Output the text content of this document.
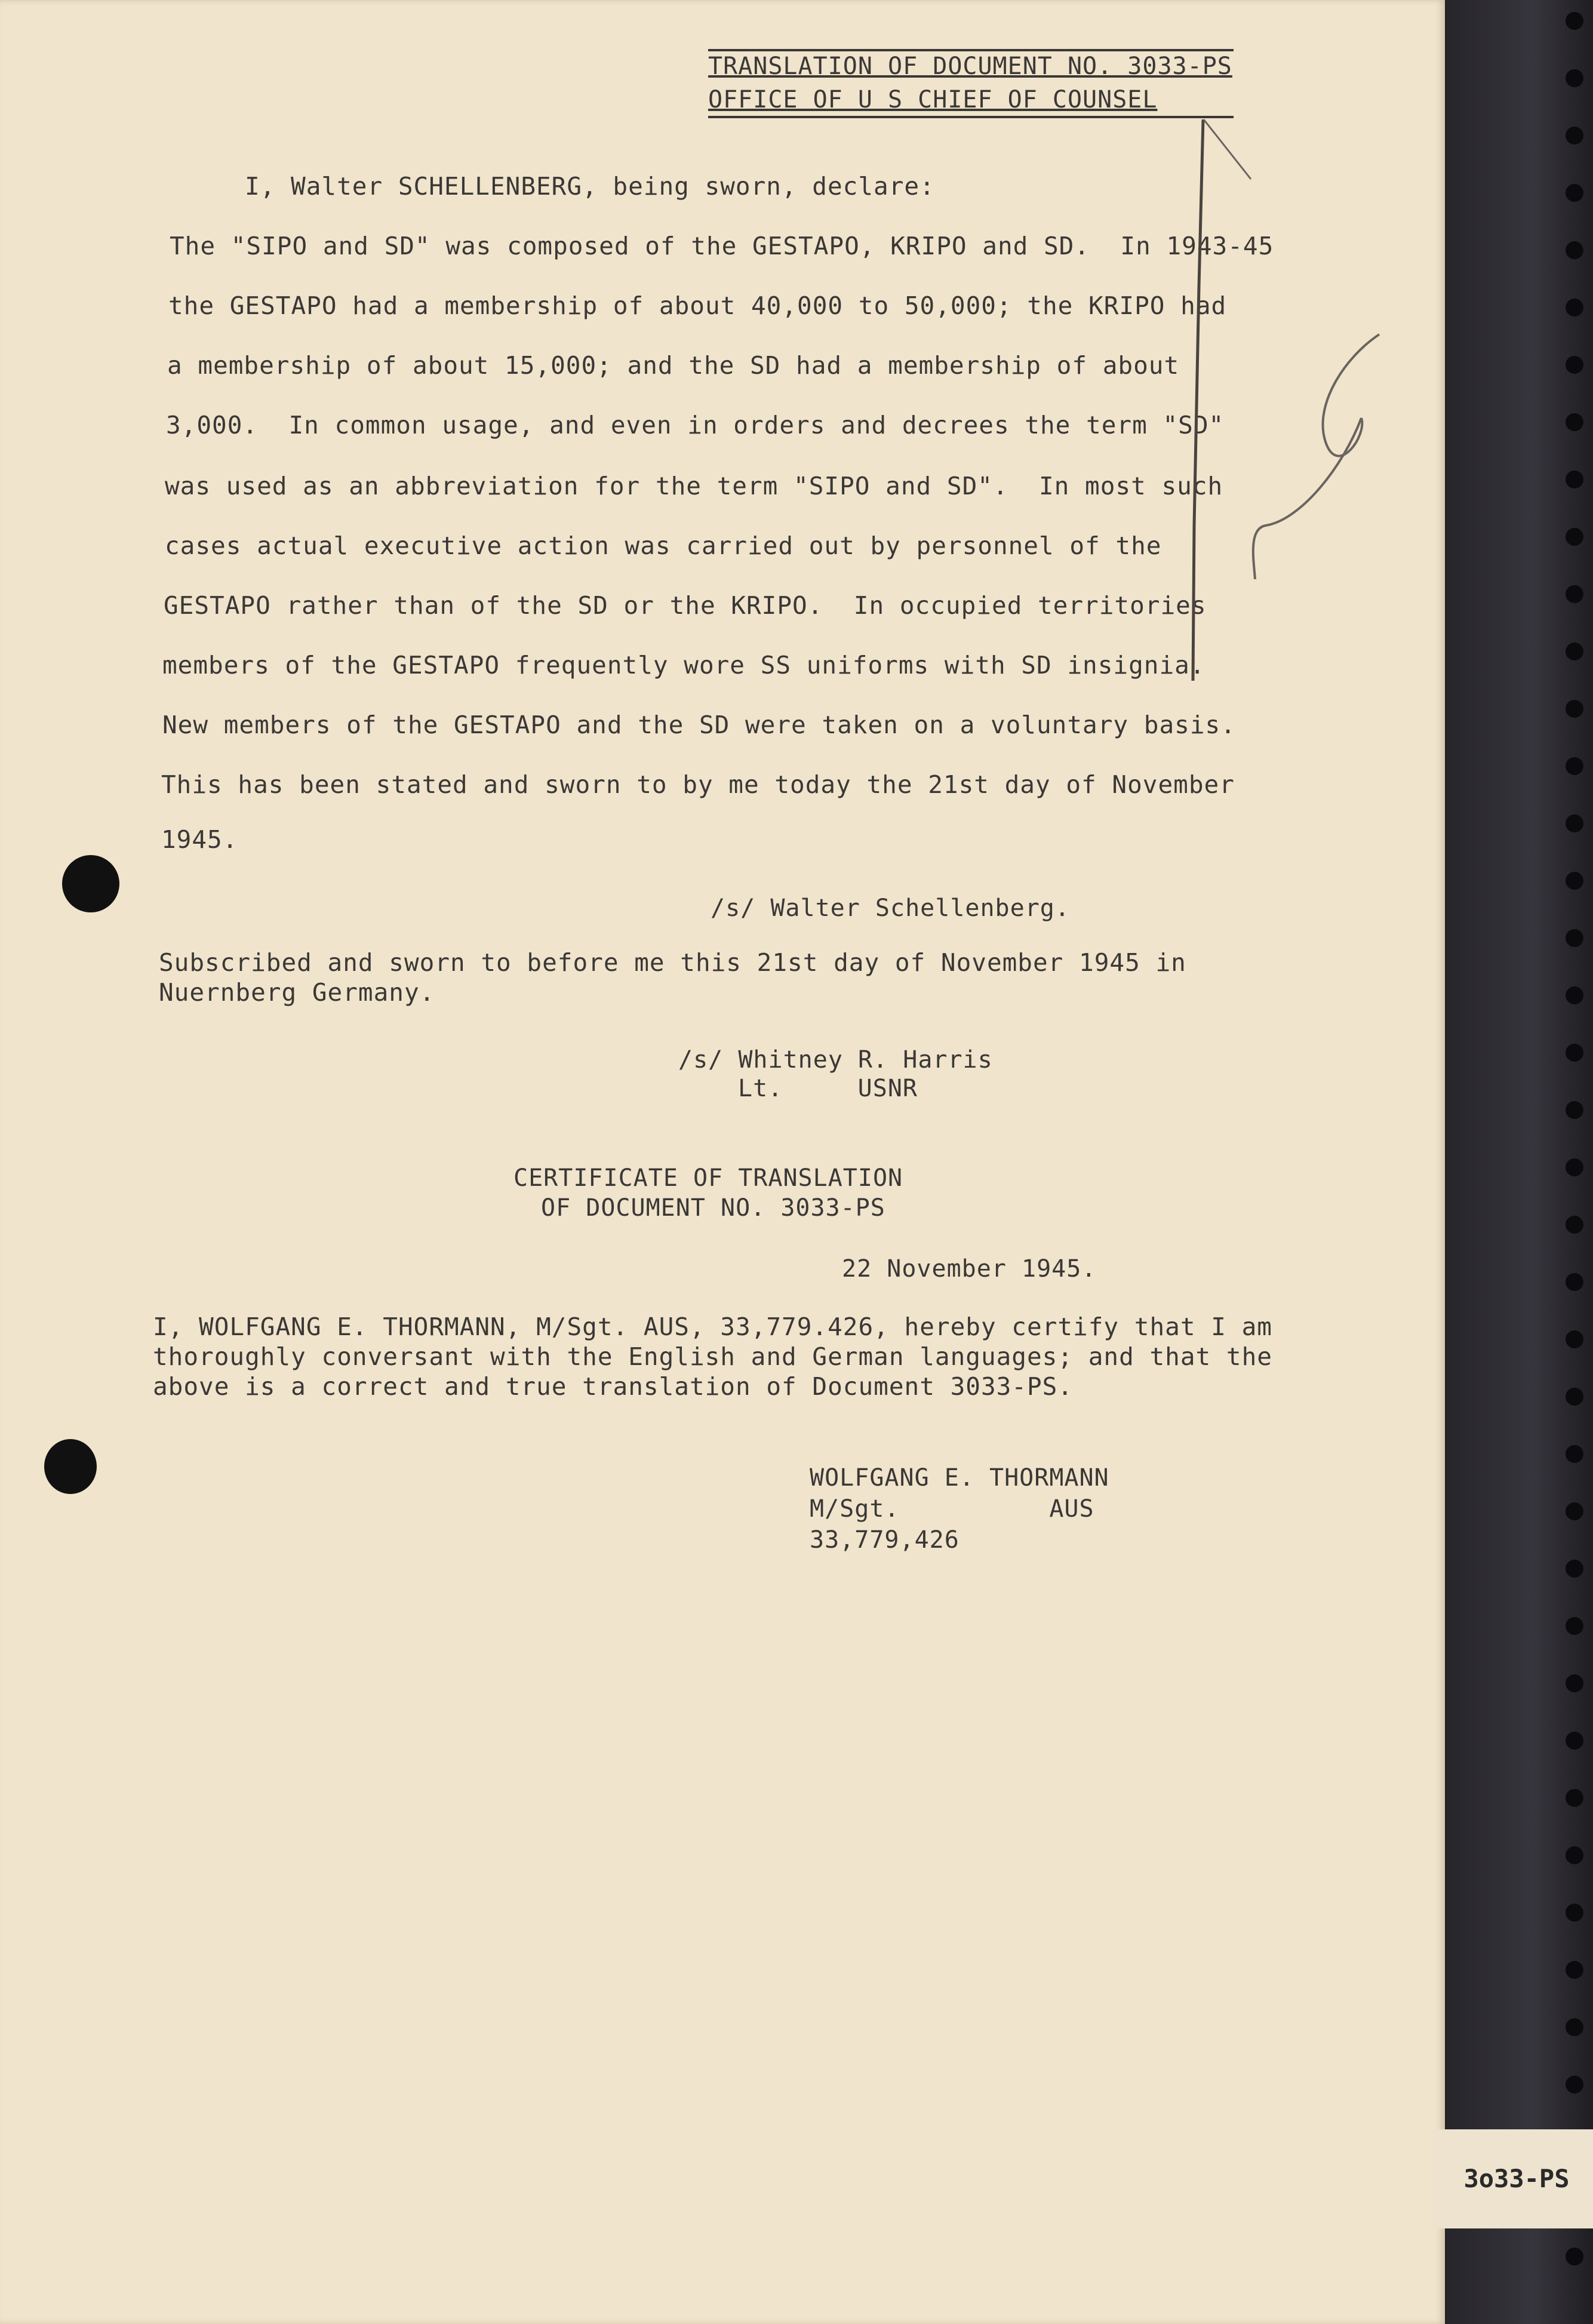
TRANSLATION OF DOCUMENT NO. 3033-PS
OFFICE OF U S CHIEF OF COUNSEL
I, Walter SCHELLENBERG, being sworn, declare:
The "SIPO and SD" was composed of the GESTAPO, KRIPO and SD.  In 1943-45
the GESTAPO had a membership of about 40,000 to 50,000; the KRIPO had
a membership of about 15,000; and the SD had a membership of about
3,000.  In common usage, and even in orders and decrees the term "SD"
was used as an abbreviation for the term "SIPO and SD".  In most such
cases actual executive action was carried out by personnel of the
GESTAPO rather than of the SD or the KRIPO.  In occupied territories
members of the GESTAPO frequently wore SS uniforms with SD insignia.
New members of the GESTAPO and the SD were taken on a voluntary basis.
This has been stated and sworn to by me today the 21st day of November
1945.
/s/ Walter Schellenberg.
Subscribed and sworn to before me this 21st day of November 1945 in
Nuernberg Germany.
/s/ Whitney R. Harris
Lt.     USNR
CERTIFICATE OF TRANSLATION
OF DOCUMENT NO. 3033-PS
22 November 1945.
I, WOLFGANG E. THORMANN, M/Sgt. AUS, 33,779.426, hereby certify that I am
thoroughly conversant with the English and German languages; and that the
above is a correct and true translation of Document 3033-PS.
WOLFGANG E. THORMANN
M/Sgt.          AUS
33,779,426
3o33-PS
